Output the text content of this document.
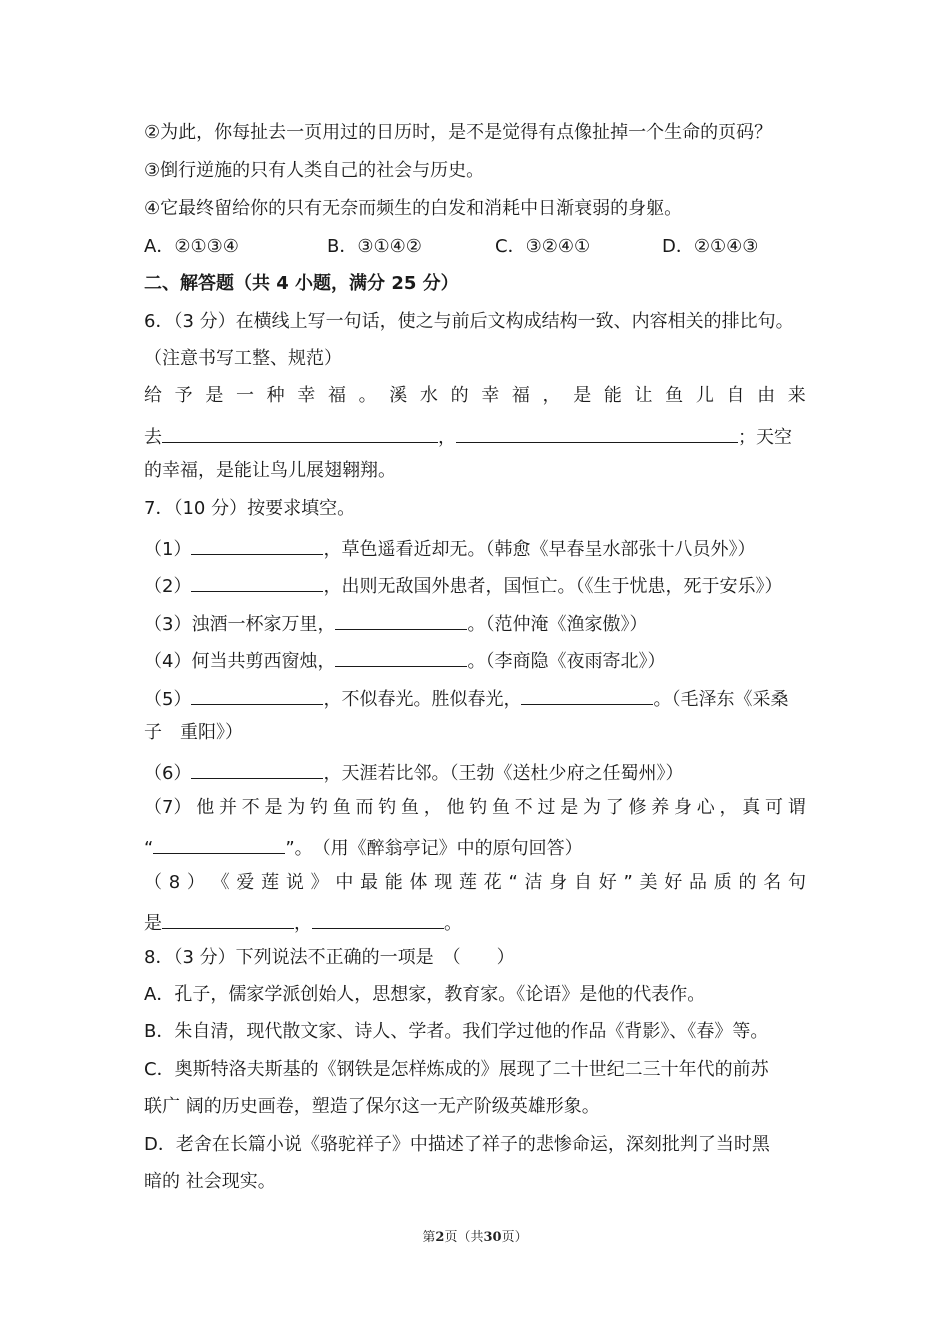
②为此，你每扯去一页用过的日历时，是不是觉得有点像扯掉一个生命的页码？
③倒行逆施的只有人类自己的社会与历史。
④它最终留给你的只有无奈而频生的白发和消耗中日渐衰弱的身躯。
A．②①③④	B．③①④②	C．③②④①	D．②①④③
二、解答题（共 4 小题，满分 25 分）
6．（3 分）在横线上写一句话，使之与前后文构成结构一致、内容相关的排比句。
（注意书写工整、规范）
给 予 是 一 种 幸 福 。 溪 水 的 幸 福 ， 是 能 让 鱼 儿 自 由 来
去	，	；天空
的幸福，是能让鸟儿展翅翱翔。
7．（10 分）按要求填空。
（1）	，草色遥看近却无。（韩愈《早春呈水部张十八员外》）
（2）	，出则无敌国外患者，国恒亡。（《生于忧患，死于安乐》）
（3）浊酒一杯家万里，	。（范仲淹《渔家傲》）
（4）何当共剪西窗烛，	。（李商隐《夜雨寄北》）
（5）	，不似春光。胜似春光，	。（毛泽东《采桑
子　重阳》）
（6）	，天涯若比邻。（王勃《送杜少府之任蜀州》）
（7） 他 并 不 是 为 钓 鱼 而 钓 鱼 ， 他 钓 鱼 不 过 是 为 了 修 养 身 心 ， 真 可 谓
“	”。　（用《醉翁亭记》中的原句回答）
（ 8 ） 《 爱 莲 说 》 中 最 能 体 现 莲 花 “ 洁 身 自 好 ” 美 好 品 质 的 名 句
是	，	。
8．（3 分）下列说法不正确的一项是　（　　）
A．孔子，儒家学派创始人，思想家，教育家。《论语》是他的代表作。
B．朱自清，现代散文家、诗人、学者。我们学过他的作品《背影》、《春》等。
C．奥斯特洛夫斯基的《钢铁是怎样炼成的》展现了二十世纪二三十年代的前苏
联广 阔的历史画卷，塑造了保尔这一无产阶级英雄形象。
D．老舍在长篇小说《骆驼祥子》中描述了祥子的悲惨命运，深刻批判了当时黑
暗的 社会现实。
第2页（共30页）
